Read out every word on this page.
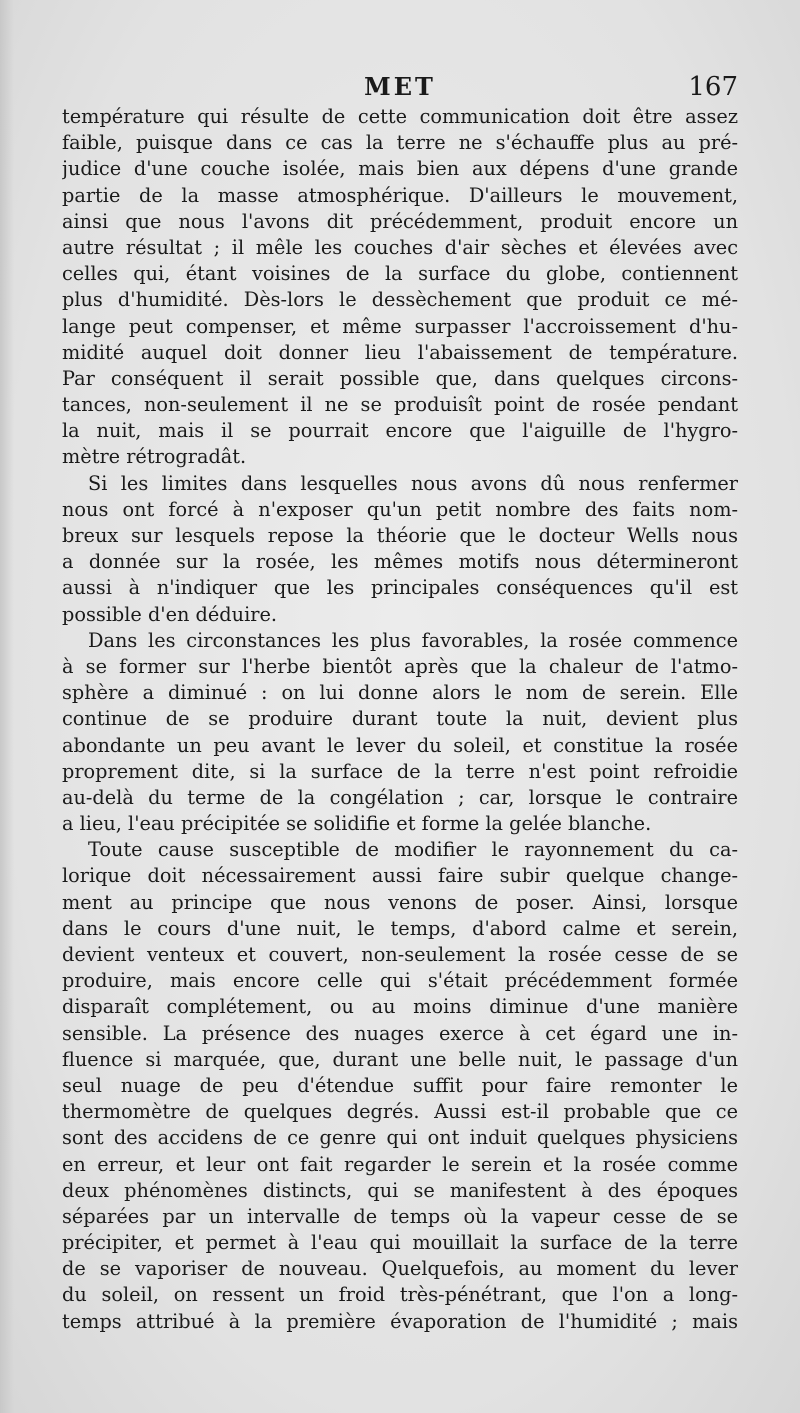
MET	167
température qui résulte de cette communication doit être assez
faible, puisque dans ce cas la terre ne s'échauffe plus au pré-
judice d'une couche isolée, mais bien aux dépens d'une grande
partie de la masse atmosphérique. D'ailleurs le mouvement,
ainsi que nous l'avons dit précédemment, produit encore un
autre résultat ; il mêle les couches d'air sèches et élevées avec
celles qui, étant voisines de la surface du globe, contiennent
plus d'humidité. Dès-lors le dessèchement que produit ce mé-
lange peut compenser, et même surpasser l'accroissement d'hu-
midité auquel doit donner lieu l'abaissement de température.
Par conséquent il serait possible que, dans quelques circons-
tances, non-seulement il ne se produisît point de rosée pendant
la nuit, mais il se pourrait encore que l'aiguille de l'hygro-
mètre rétrogradât.
Si les limites dans lesquelles nous avons dû nous renfermer
nous ont forcé à n'exposer qu'un petit nombre des faits nom-
breux sur lesquels repose la théorie que le docteur Wells nous
a donnée sur la rosée, les mêmes motifs nous détermineront
aussi à n'indiquer que les principales conséquences qu'il est
possible d'en déduire.
Dans les circonstances les plus favorables, la rosée commence
à se former sur l'herbe bientôt après que la chaleur de l'atmo-
sphère a diminué : on lui donne alors le nom de serein. Elle
continue de se produire durant toute la nuit, devient plus
abondante un peu avant le lever du soleil, et constitue la rosée
proprement dite, si la surface de la terre n'est point refroidie
au-delà du terme de la congélation ; car, lorsque le contraire
a lieu, l'eau précipitée se solidifie et forme la gelée blanche.
Toute cause susceptible de modifier le rayonnement du ca-
lorique doit nécessairement aussi faire subir quelque change-
ment au principe que nous venons de poser. Ainsi, lorsque
dans le cours d'une nuit, le temps, d'abord calme et serein,
devient venteux et couvert, non-seulement la rosée cesse de se
produire, mais encore celle qui s'était précédemment formée
disparaît complétement, ou au moins diminue d'une manière
sensible. La présence des nuages exerce à cet égard une in-
fluence si marquée, que, durant une belle nuit, le passage d'un
seul nuage de peu d'étendue suffit pour faire remonter le
thermomètre de quelques degrés. Aussi est-il probable que ce
sont des accidens de ce genre qui ont induit quelques physiciens
en erreur, et leur ont fait regarder le serein et la rosée comme
deux phénomènes distincts, qui se manifestent à des époques
séparées par un intervalle de temps où la vapeur cesse de se
précipiter, et permet à l'eau qui mouillait la surface de la terre
de se vaporiser de nouveau. Quelquefois, au moment du lever
du soleil, on ressent un froid très-pénétrant, que l'on a long-
temps attribué à la première évaporation de l'humidité ; mais
